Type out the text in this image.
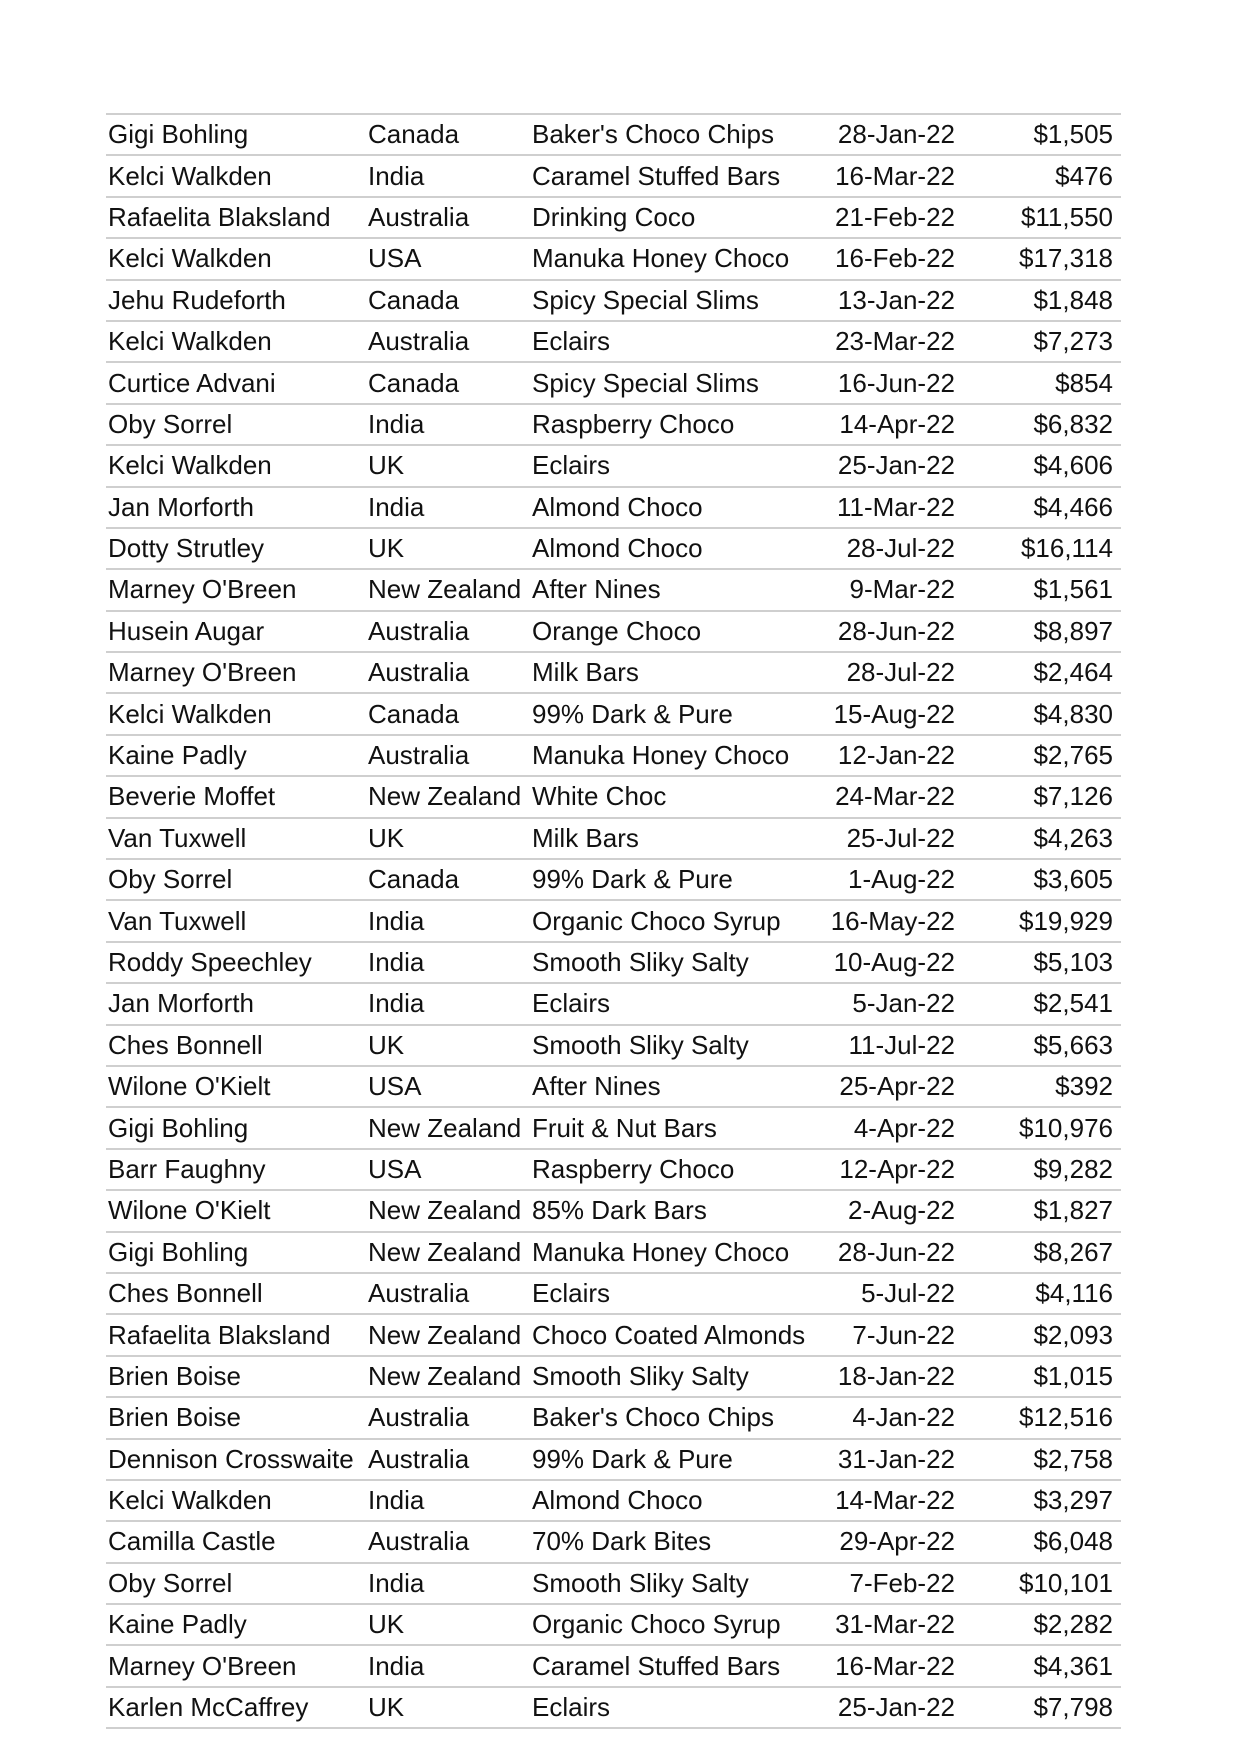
Gigi Bohling	Canada	Baker's Choco Chips	28-Jan-22	$1,505
Kelci Walkden	India	Caramel Stuffed Bars	16-Mar-22	$476
Rafaelita Blaksland	Australia	Drinking Coco	21-Feb-22	$11,550
Kelci Walkden	USA	Manuka Honey Choco	16-Feb-22	$17,318
Jehu Rudeforth	Canada	Spicy Special Slims	13-Jan-22	$1,848
Kelci Walkden	Australia	Eclairs	23-Mar-22	$7,273
Curtice Advani	Canada	Spicy Special Slims	16-Jun-22	$854
Oby Sorrel	India	Raspberry Choco	14-Apr-22	$6,832
Kelci Walkden	UK	Eclairs	25-Jan-22	$4,606
Jan Morforth	India	Almond Choco	11-Mar-22	$4,466
Dotty Strutley	UK	Almond Choco	28-Jul-22	$16,114
Marney O'Breen	New Zealand	After Nines	9-Mar-22	$1,561
Husein Augar	Australia	Orange Choco	28-Jun-22	$8,897
Marney O'Breen	Australia	Milk Bars	28-Jul-22	$2,464
Kelci Walkden	Canada	99% Dark & Pure	15-Aug-22	$4,830
Kaine Padly	Australia	Manuka Honey Choco	12-Jan-22	$2,765
Beverie Moffet	New Zealand	White Choc	24-Mar-22	$7,126
Van Tuxwell	UK	Milk Bars	25-Jul-22	$4,263
Oby Sorrel	Canada	99% Dark & Pure	1-Aug-22	$3,605
Van Tuxwell	India	Organic Choco Syrup	16-May-22	$19,929
Roddy Speechley	India	Smooth Sliky Salty	10-Aug-22	$5,103
Jan Morforth	India	Eclairs	5-Jan-22	$2,541
Ches Bonnell	UK	Smooth Sliky Salty	11-Jul-22	$5,663
Wilone O'Kielt	USA	After Nines	25-Apr-22	$392
Gigi Bohling	New Zealand	Fruit & Nut Bars	4-Apr-22	$10,976
Barr Faughny	USA	Raspberry Choco	12-Apr-22	$9,282
Wilone O'Kielt	New Zealand	85% Dark Bars	2-Aug-22	$1,827
Gigi Bohling	New Zealand	Manuka Honey Choco	28-Jun-22	$8,267
Ches Bonnell	Australia	Eclairs	5-Jul-22	$4,116
Rafaelita Blaksland	New Zealand	Choco Coated Almonds	7-Jun-22	$2,093
Brien Boise	New Zealand	Smooth Sliky Salty	18-Jan-22	$1,015
Brien Boise	Australia	Baker's Choco Chips	4-Jan-22	$12,516
Dennison Crosswaite	Australia	99% Dark & Pure	31-Jan-22	$2,758
Kelci Walkden	India	Almond Choco	14-Mar-22	$3,297
Camilla Castle	Australia	70% Dark Bites	29-Apr-22	$6,048
Oby Sorrel	India	Smooth Sliky Salty	7-Feb-22	$10,101
Kaine Padly	UK	Organic Choco Syrup	31-Mar-22	$2,282
Marney O'Breen	India	Caramel Stuffed Bars	16-Mar-22	$4,361
Karlen McCaffrey	UK	Eclairs	25-Jan-22	$7,798
